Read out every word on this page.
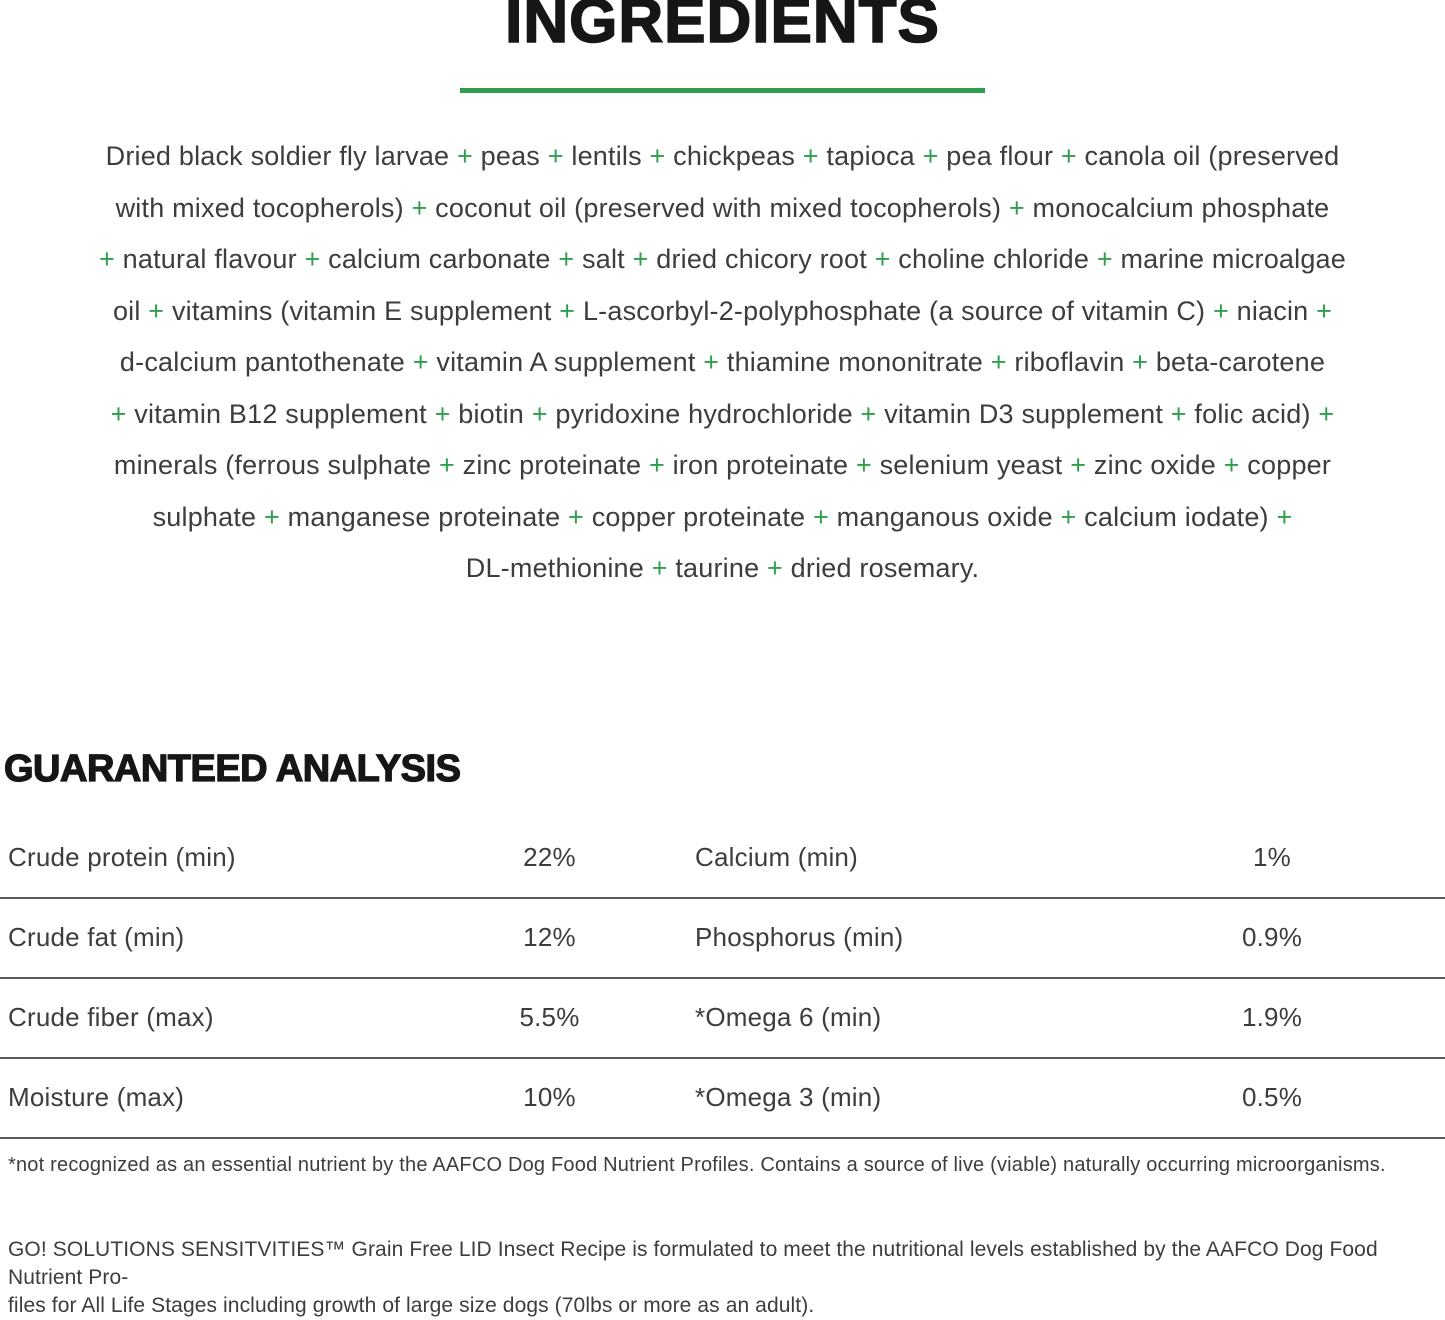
INGREDIENTS
Dried black soldier fly larvae + peas + lentils + chickpeas + tapioca + pea flour + canola oil (preserved
with mixed tocopherols) + coconut oil (preserved with mixed tocopherols) + monocalcium phosphate
+ natural flavour + calcium carbonate + salt + dried chicory root + choline chloride + marine microalgae
oil + vitamins (vitamin E supplement + L-ascorbyl-2-polyphosphate (a source of vitamin C) + niacin +
d-calcium pantothenate + vitamin A supplement + thiamine mononitrate + riboflavin + beta-carotene
+ vitamin B12 supplement + biotin + pyridoxine hydrochloride + vitamin D3 supplement + folic acid) +
minerals (ferrous sulphate + zinc proteinate + iron proteinate + selenium yeast + zinc oxide + copper
sulphate + manganese proteinate + copper proteinate + manganous oxide + calcium iodate) +
DL-methionine + taurine + dried rosemary.
GUARANTEED ANALYSIS
Crude protein (min)	22%	Calcium (min)	1%
Crude fat (min)	12%	Phosphorus (min)	0.9%
Crude fiber (max)	5.5%	*Omega 6 (min)	1.9%
Moisture (max)	10%	*Omega 3 (min)	0.5%

*not recognized as an essential nutrient by the AAFCO Dog Food Nutrient Profiles. Contains a source of live (viable) naturally occurring microorganisms.

GO! SOLUTIONS SENSITVITIES™ Grain Free LID Insect Recipe is formulated to meet the nutritional levels established by the AAFCO Dog Food Nutrient Pro-
files for All Life Stages including growth of large size dogs (70lbs or more as an adult).
